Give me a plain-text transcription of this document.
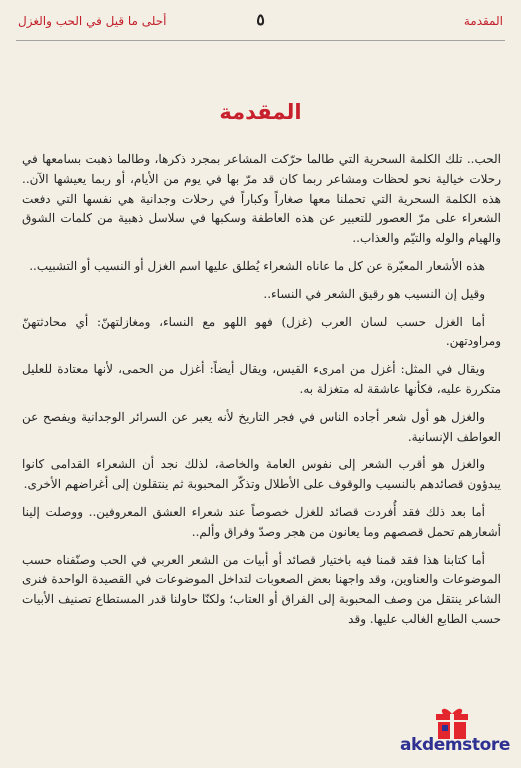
المقدمة
٥
أحلى ما قيل في الحب والغزل
المقدمة

الحب.. تلك الكلمة السحرية التي طالما حرّكت المشاعر بمجرد ذكرها، وطالما ذهبت بسامعها في رحلات خيالية نحو لحظات ومشاعر ربما كان قد مرّ بها في يوم من الأيام، أو ربما يعيشها الآن.. هذه الكلمة السحرية التي تحملنا معها صغاراً وكباراً في رحلات وجدانية هي نفسها التي دفعت الشعراء على مرّ العصور للتعبير عن هذه العاطفة وسكبها في سلاسل ذهبية من كلمات الشوق والهيام والوله والتيّم والعذاب..

هذه الأشعار المعبّرة عن كل ما عاناه الشعراء يُطلق عليها اسم الغزل أو النسيب أو التشبيب..

وقيل إن النسيب هو رقيق الشعر في النساء..

أما الغزل حسب لسان العرب (غزل) فهو اللهو مع النساء، ومغازلتهنّ: أي محادثتهنّ ومراودتهن.

ويقال في المثل: أغزل من امرىء القيس، ويقال أيضاً: أغزل من الحمى، لأنها معتادة للعليل متكررة عليه، فكأنها عاشقة له متغزلة به.

والغزل هو أول شعر أجاده الناس في فجر التاريخ لأنه يعبر عن السرائر الوجدانية ويفصح عن العواطف الإنسانية.

والغزل هو أقرب الشعر إلى نفوس العامة والخاصة، لذلك نجد أن الشعراء القدامى كانوا يبدؤون قصائدهم بالنسيب والوقوف على الأطلال وتذكّر المحبوبة ثم ينتقلون إلى أغراضهم الأخرى.

أما بعد ذلك فقد أُفردت قصائد للغزل خصوصاً عند شعراء العشق المعروفين.. ووصلت إلينا أشعارهم تحمل قصصهم وما يعانون من هجر وصدّ وفراق وألم..

أما كتابنا هذا فقد قمنا فيه باختيار قصائد أو أبيات من الشعر العربي في الحب وصنّفناه حسب الموضوعات والعناوين، وقد واجهنا بعض الصعوبات لتداخل الموضوعات في القصيدة الواحدة فنرى الشاعر ينتقل من وصف المحبوبة إلى الفراق أو العتاب؛ ولكنّا حاولنا قدر المستطاع تصنيف الأبيات حسب الطابع الغالب عليها. وقد

akdemstore
